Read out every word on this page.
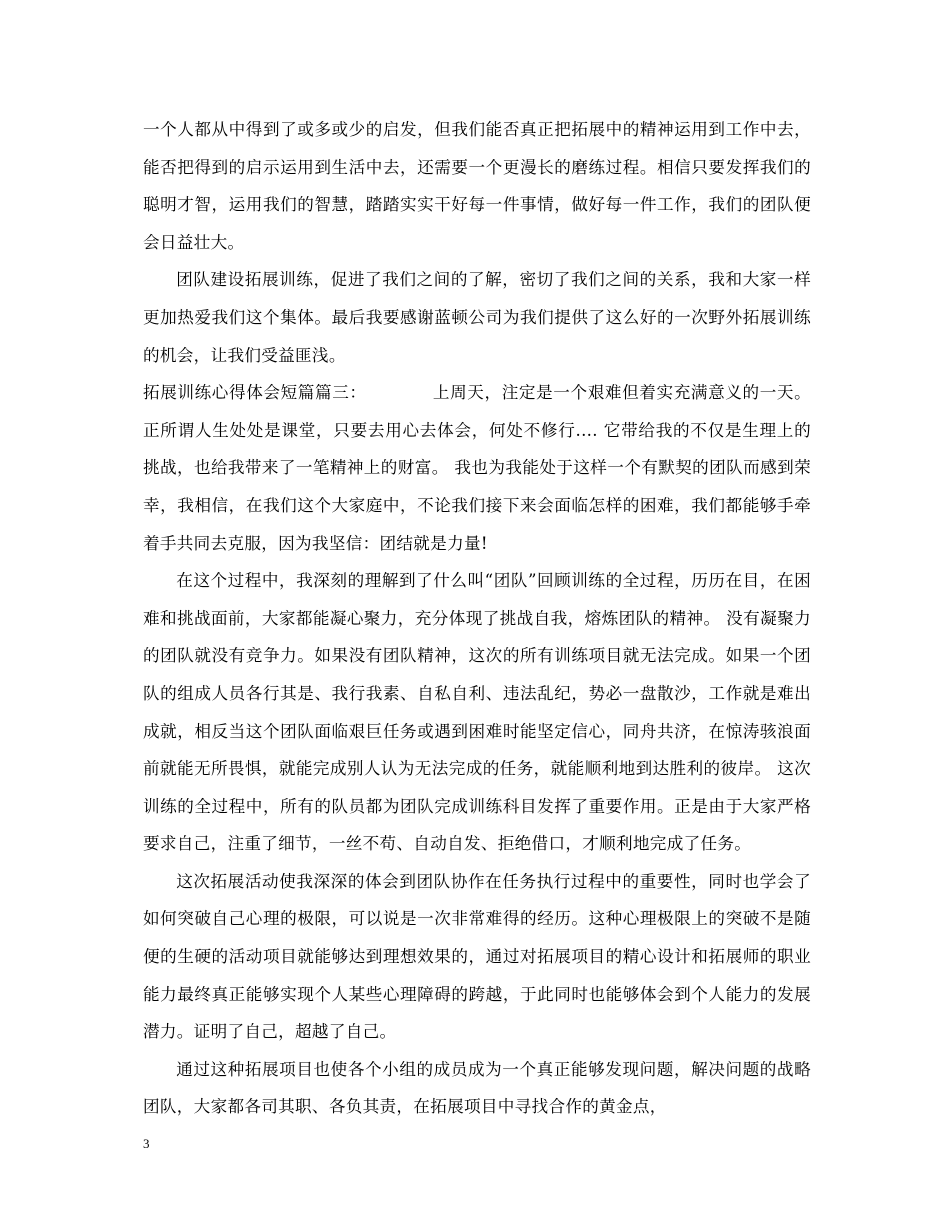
一个人都从中得到了或多或少的启发，但我们能否真正把拓展中的精神运用到工作中去，能否把得到的启示运用到生活中去，还需要一个更漫长的磨练过程。相信只要发挥我们的聪明才智，运用我们的智慧，踏踏实实干好每一件事情，做好每一件工作，我们的团队便会日益壮大。

团队建设拓展训练，促进了我们之间的了解，密切了我们之间的关系，我和大家一样更加热爱我们这个集体。最后我要感谢蓝顿公司为我们提供了这么好的一次野外拓展训练的机会，让我们受益匪浅。

拓展训练心得体会短篇篇三：	上周天，注定是一个艰难但着实充满意义的一天。正所谓人生处处是课堂，只要去用心去体会，何处不修行.... 它带给我的不仅是生理上的挑战，也给我带来了一笔精神上的财富。 我也为我能处于这样一个有默契的团队而感到荣幸，我相信，在我们这个大家庭中，不论我们接下来会面临怎样的困难，我们都能够手牵着手共同去克服，因为我坚信：团结就是力量!

在这个过程中，我深刻的理解到了什么叫“团队”回顾训练的全过程，历历在目，在困难和挑战面前，大家都能凝心聚力，充分体现了挑战自我，熔炼团队的精神。 没有凝聚力的团队就没有竞争力。如果没有团队精神，这次的所有训练项目就无法完成。如果一个团队的组成人员各行其是、我行我素、自私自利、违法乱纪，势必一盘散沙，工作就是难出成就，相反当这个团队面临艰巨任务或遇到困难时能坚定信心，同舟共济，在惊涛骇浪面前就能无所畏惧，就能完成别人认为无法完成的任务，就能顺利地到达胜利的彼岸。 这次训练的全过程中，所有的队员都为团队完成训练科目发挥了重要作用。正是由于大家严格要求自己，注重了细节，一丝不苟、自动自发、拒绝借口，才顺利地完成了任务。

这次拓展活动使我深深的体会到团队协作在任务执行过程中的重要性，同时也学会了如何突破自己心理的极限，可以说是一次非常难得的经历。这种心理极限上的突破不是随便的生硬的活动项目就能够达到理想效果的，通过对拓展项目的精心设计和拓展师的职业能力最终真正能够实现个人某些心理障碍的跨越，于此同时也能够体会到个人能力的发展潜力。证明了自己，超越了自己。

通过这种拓展项目也使各个小组的成员成为一个真正能够发现问题，解决问题的战略团队，大家都各司其职、各负其责，在拓展项目中寻找合作的黄金点，

3
